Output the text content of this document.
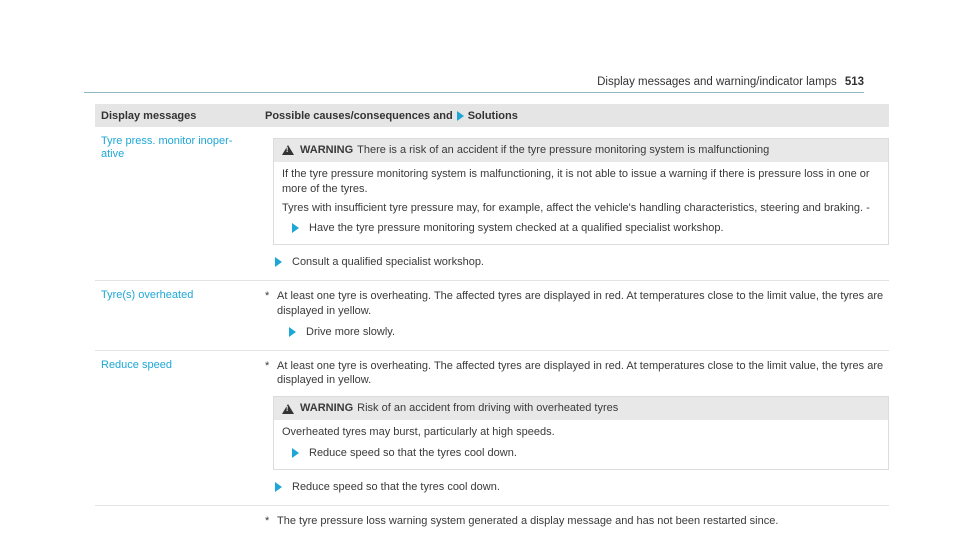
Display messages and warning/indicator lamps 513
Display messages	Possible causes/consequences and Solutions
Tyre press. monitor inoper-ative
!	WARNING There is a risk of an accident if the tyre pressure monitoring system is malfunctioning

If the tyre pressure monitoring system is malfunctioning, it is not able to issue a warning if there is pressure loss in one or more of the tyres.

Tyres with insufficient tyre pressure may, for example, affect the vehicle's handling characteristics, steering and braking. -

Have the tyre pressure monitoring system checked at a qualified specialist workshop.
Consult a qualified specialist workshop.
Tyre(s) overheated	* At least one tyre is overheating. The affected tyres are displayed in red. At temperatures close to the limit value, the tyres are displayed in yellow.
Drive more slowly.
Reduce speed	* At least one tyre is overheating. The affected tyres are displayed in red. At temperatures close to the limit value, the tyres are displayed in yellow.
!
WARNING Risk of an accident from driving with overheated tyres

Overheated tyres may burst, particularly at high speeds.

Reduce speed so that the tyres cool down.
Reduce speed so that the tyres cool down.
* The tyre pressure loss warning system generated a display message and has not been restarted since.
